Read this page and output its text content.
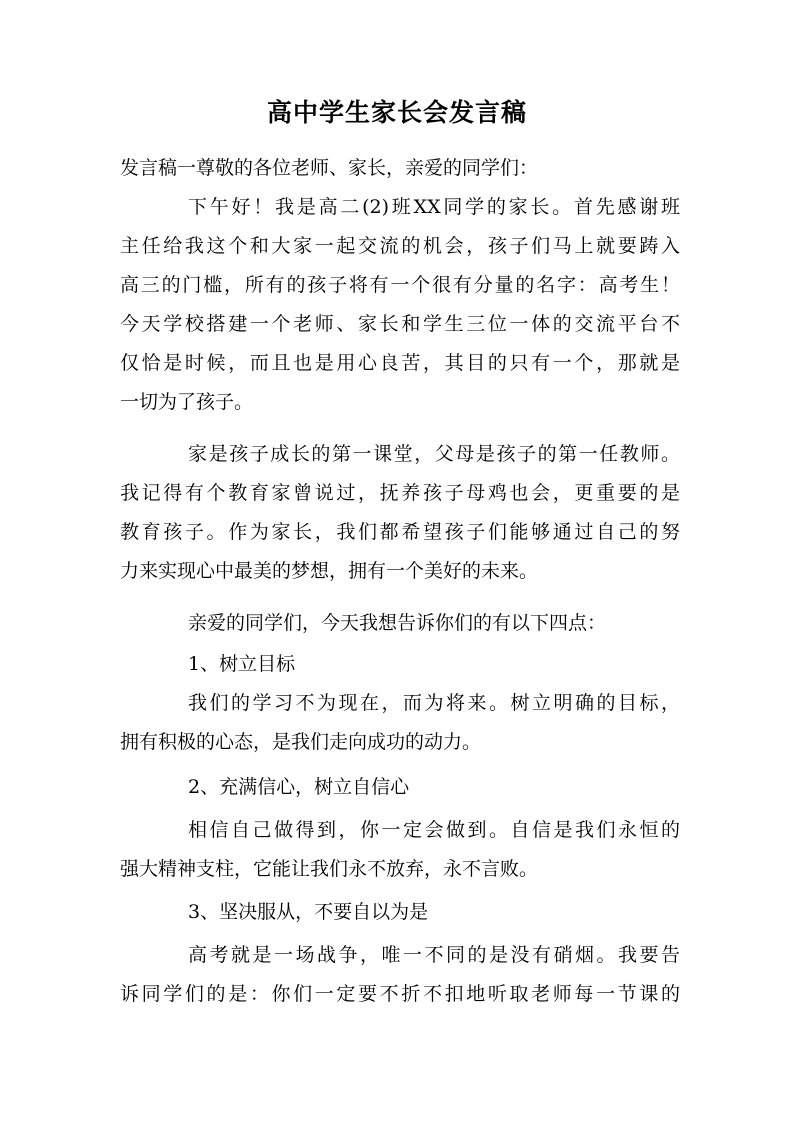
高中学生家长会发言稿
发言稿一尊敬的各位老师、家长，亲爱的同学们：
下午好！我是高二(2)班XX同学的家长。首先感谢班
主任给我这个和大家一起交流的机会，孩子们马上就要踌入
高三的门槛，所有的孩子将有一个很有分量的名字：高考生！
今天学校搭建一个老师、家长和学生三位一体的交流平台不
仅恰是时候，而且也是用心良苦，其目的只有一个，那就是
一切为了孩子。
家是孩子成长的第一课堂，父母是孩子的第一任教师。
我记得有个教育家曾说过，抚养孩子母鸡也会，更重要的是
教育孩子。作为家长，我们都希望孩子们能够通过自己的努
力来实现心中最美的梦想，拥有一个美好的未来。
亲爱的同学们，今天我想告诉你们的有以下四点：
1、树立目标
我们的学习不为现在，而为将来。树立明确的目标，
拥有积极的心态，是我们走向成功的动力。
2、充满信心，树立自信心
相信自己做得到，你一定会做到。自信是我们永恒的
强大精神支柱，它能让我们永不放弃，永不言败。
3、坚决服从，不要自以为是
高考就是一场战争，唯一不同的是没有硝烟。我要告
诉同学们的是：你们一定要不折不扣地听取老师每一节课的
